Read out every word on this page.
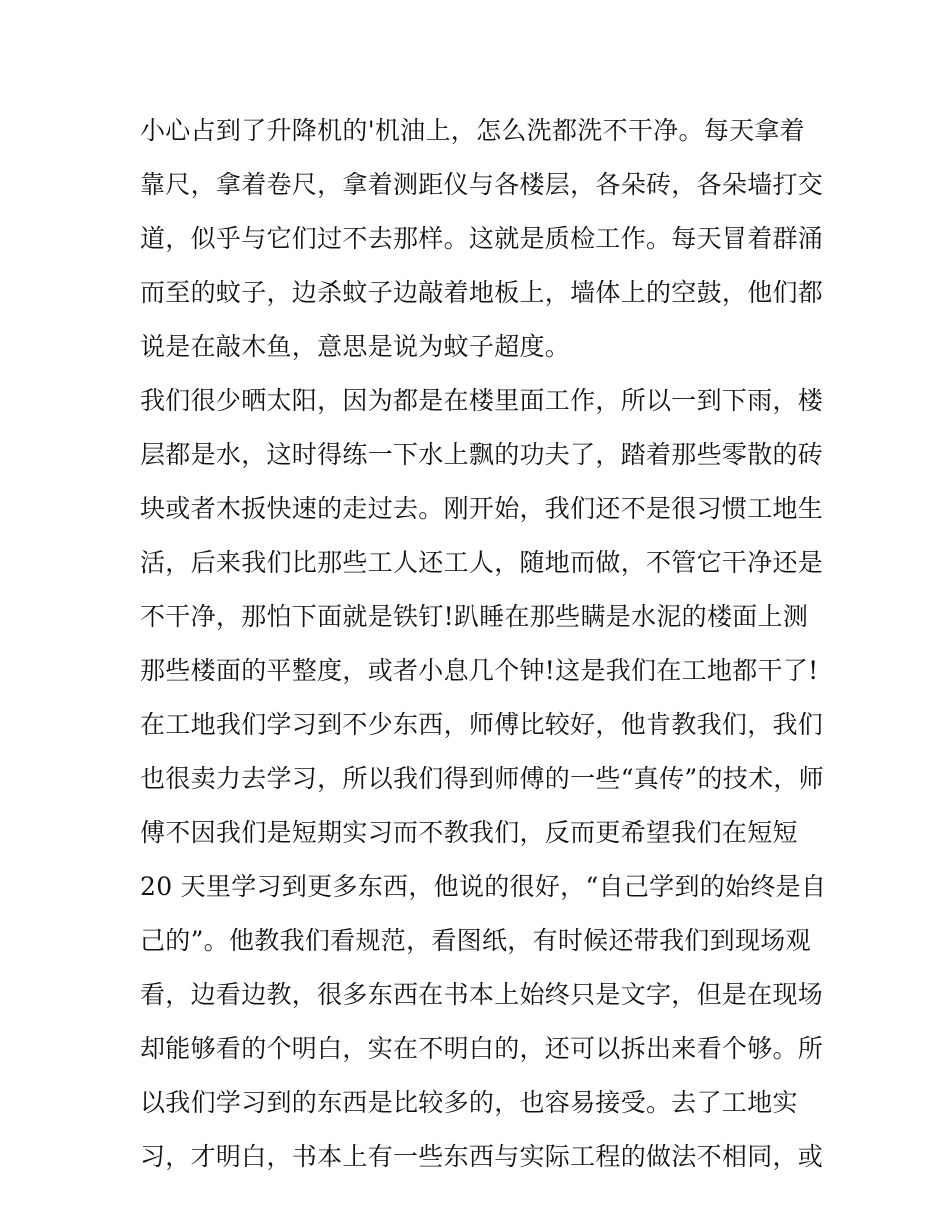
小心占到了升降机的'机油上，怎么洗都洗不干净。每天拿着
靠尺，拿着卷尺，拿着测距仪与各楼层，各朵砖，各朵墙打交
道，似乎与它们过不去那样。这就是质检工作。每天冒着群涌
而至的蚊子，边杀蚊子边敲着地板上，墙体上的空鼓，他们都
说是在敲木鱼，意思是说为蚊子超度。
我们很少晒太阳，因为都是在楼里面工作，所以一到下雨，楼
层都是水，这时得练一下水上飘的功夫了，踏着那些零散的砖
块或者木扳快速的走过去。刚开始，我们还不是很习惯工地生
活，后来我们比那些工人还工人，随地而做，不管它干净还是
不干净，那怕下面就是铁钉!趴睡在那些瞒是水泥的楼面上测
那些楼面的平整度，或者小息几个钟!这是我们在工地都干了!
在工地我们学习到不少东西，师傅比较好，他肯教我们，我们
也很卖力去学习，所以我们得到师傅的一些“真传”的技术，师
傅不因我们是短期实习而不教我们，反而更希望我们在短短
20 天里学习到更多东西，他说的很好，“自己学到的始终是自
己的”。他教我们看规范，看图纸，有时候还带我们到现场观
看，边看边教，很多东西在书本上始终只是文字，但是在现场
却能够看的个明白，实在不明白的，还可以拆出来看个够。所
以我们学习到的东西是比较多的，也容易接受。去了工地实
习，才明白，书本上有一些东西与实际工程的做法不相同，或
